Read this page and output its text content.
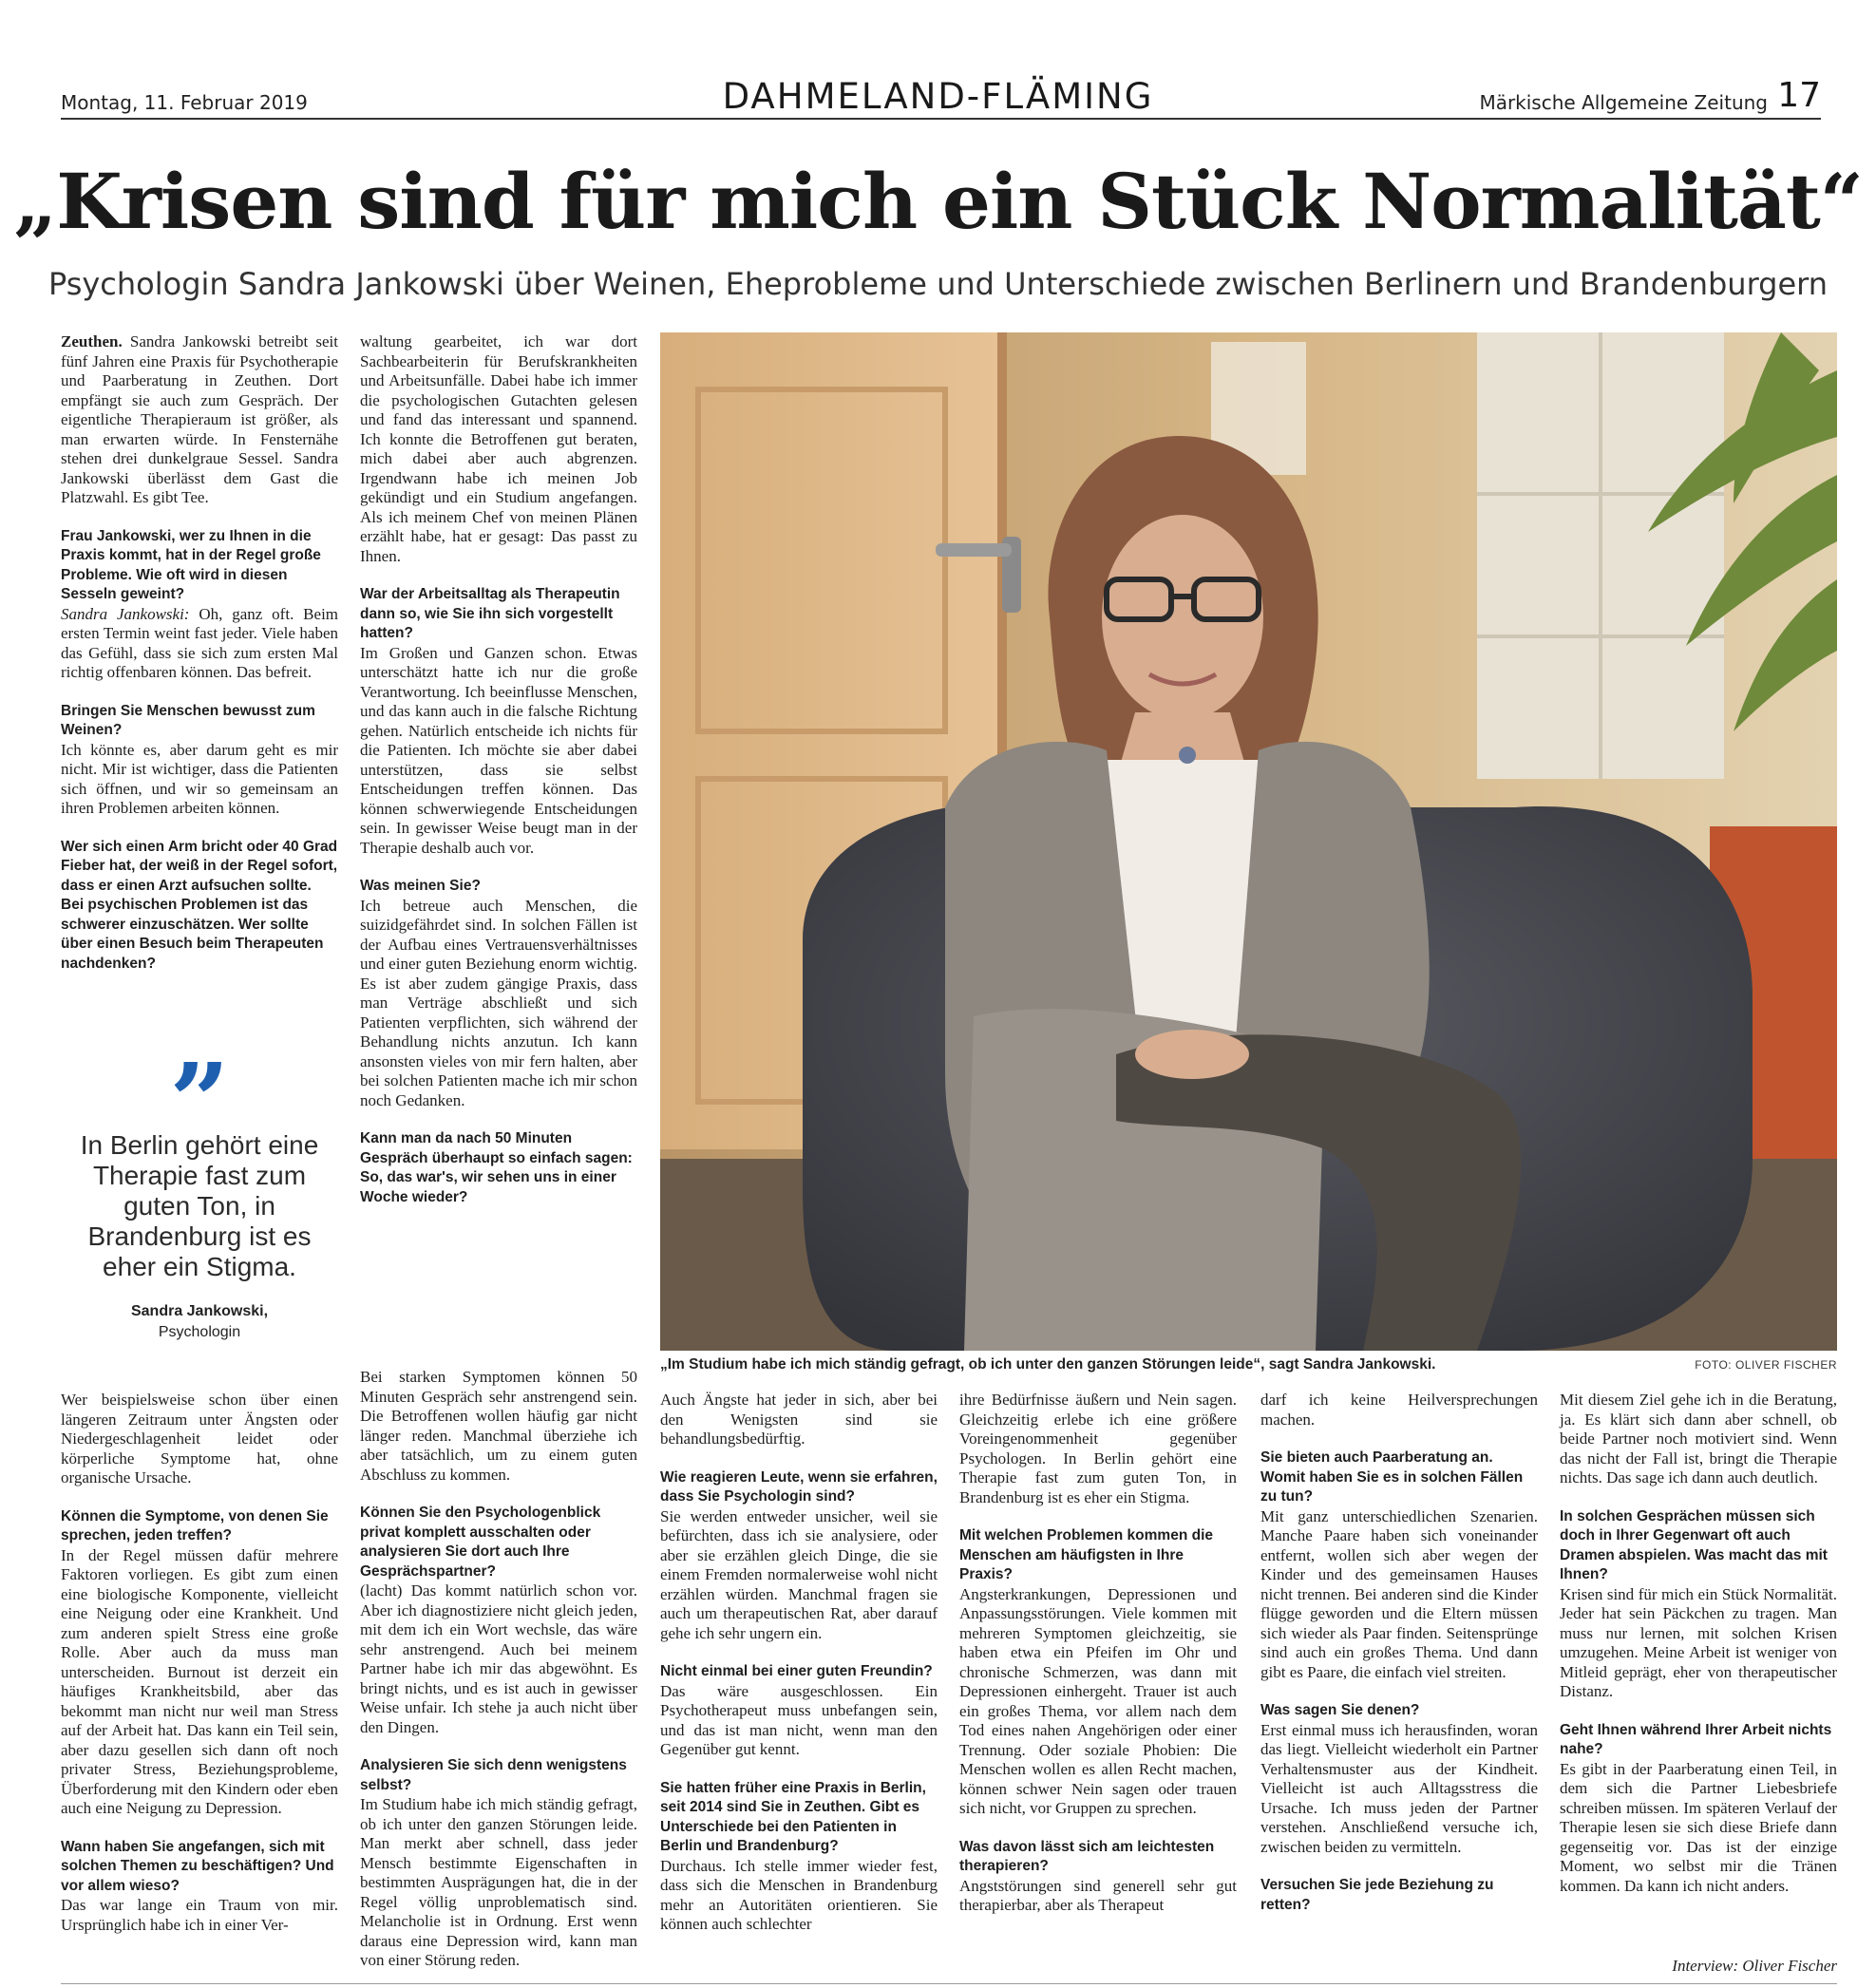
Montag, 11. Februar 2019	DAHMELAND-FLÄMING	Märkische Allgemeine Zeitung 17
„Krisen sind für mich ein Stück Normalität“
Psychologin Sandra Jankowski über Weinen, Eheprobleme und Unterschiede zwischen Berlinern und Brandenburgern

Zeuthen. Sandra Jankowski betreibt seit fünf Jahren eine Praxis für Psychotherapie und Paarberatung in Zeuthen. Dort empfängt sie auch zum Gespräch. Der eigentliche Therapieraum ist größer, als man erwarten würde. In Fensternähe stehen drei dunkelgraue Sessel. Sandra Jankowski überlässt dem Gast die Platzwahl. Es gibt Tee.

Frau Jankowski, wer zu Ihnen in die Praxis kommt, hat in der Regel große Probleme. Wie oft wird in diesen Sesseln geweint?

Sandra Jankowski: Oh, ganz oft. Beim ersten Termin weint fast jeder. Viele haben das Gefühl, dass sie sich zum ersten Mal richtig offenbaren können. Das befreit.

Bringen Sie Menschen bewusst zum Weinen?

Ich könnte es, aber darum geht es mir nicht. Mir ist wichtiger, dass die Patienten sich öffnen, und wir so gemeinsam an ihren Problemen arbeiten können.

Wer sich einen Arm bricht oder 40 Grad Fieber hat, der weiß in der Regel sofort, dass er einen Arzt aufsuchen sollte. Bei psychischen Problemen ist das schwerer einzuschätzen. Wer sollte über einen Besuch beim Therapeuten nachdenken?

”
In Berlin gehört eine Therapie fast zum guten Ton, in Brandenburg ist es eher ein Stigma.
Sandra Jankowski,
Psychologin

waltung gearbeitet, ich war dort Sachbearbeiterin für Berufskrankheiten und Arbeitsunfälle. Dabei habe ich immer die psychologischen Gutachten gelesen und fand das interessant und spannend. Ich konnte die Betroffenen gut beraten, mich dabei aber auch abgrenzen. Irgendwann habe ich meinen Job gekündigt und ein Studium angefangen. Als ich meinem Chef von meinen Plänen erzählt habe, hat er gesagt: Das passt zu Ihnen.

War der Arbeitsalltag als Therapeutin dann so, wie Sie ihn sich vorgestellt hatten?

Im Großen und Ganzen schon. Etwas unterschätzt hatte ich nur die große Verantwortung. Ich beeinflusse Menschen, und das kann auch in die falsche Richtung gehen. Natürlich entscheide ich nichts für die Patienten. Ich möchte sie aber dabei unterstützen, dass sie selbst Entscheidungen treffen können. Das können schwerwiegende Entscheidungen sein. In gewisser Weise beugt man in der Therapie deshalb auch vor.

Was meinen Sie?

Ich betreue auch Menschen, die suizidgefährdet sind. In solchen Fällen ist der Aufbau eines Vertrauensverhältnisses und einer guten Beziehung enorm wichtig. Es ist aber zudem gängige Praxis, dass man Verträge abschließt und sich Patienten verpflichten, sich während der Behandlung nichts anzutun. Ich kann ansonsten vieles von mir fern halten, aber bei solchen Patienten mache ich mir schon noch Gedanken.

Kann man da nach 50 Minuten Gespräch überhaupt so einfach sagen: So, das war's, wir sehen uns in einer Woche wieder?

„Im Studium habe ich mich ständig gefragt, ob ich unter den ganzen Störungen leide“, sagt Sandra Jankowski.	FOTO: OLIVER FISCHER

Wer beispielsweise schon über einen längeren Zeitraum unter Ängsten oder Niedergeschlagenheit leidet oder körperliche Symptome hat, ohne organische Ursache.

Können die Symptome, von denen Sie sprechen, jeden treffen?

In der Regel müssen dafür mehrere Faktoren vorliegen. Es gibt zum einen eine biologische Komponente, vielleicht eine Neigung oder eine Krankheit. Und zum anderen spielt Stress eine große Rolle. Aber auch da muss man unterscheiden. Burnout ist derzeit ein häufiges Krankheitsbild, aber das bekommt man nicht nur weil man Stress auf der Arbeit hat. Das kann ein Teil sein, aber dazu gesellen sich dann oft noch privater Stress, Beziehungsprobleme, Überforderung mit den Kindern oder eben auch eine Neigung zu Depression.

Wann haben Sie angefangen, sich mit solchen Themen zu beschäftigen? Und vor allem wieso?

Das war lange ein Traum von mir. Ursprünglich habe ich in einer Ver-

Bei starken Symptomen können 50 Minuten Gespräch sehr anstrengend sein. Die Betroffenen wollen häufig gar nicht länger reden. Manchmal überziehe ich aber tatsächlich, um zu einem guten Abschluss zu kommen.

Können Sie den Psychologenblick privat komplett ausschalten oder analysieren Sie dort auch Ihre Gesprächspartner?

(lacht) Das kommt natürlich schon vor. Aber ich diagnostiziere nicht gleich jeden, mit dem ich ein Wort wechsle, das wäre sehr anstrengend. Auch bei meinem Partner habe ich mir das abgewöhnt. Es bringt nichts, und es ist auch in gewisser Weise unfair. Ich stehe ja auch nicht über den Dingen.

Analysieren Sie sich denn wenigstens selbst?

Im Studium habe ich mich ständig gefragt, ob ich unter den ganzen Störungen leide. Man merkt aber schnell, dass jeder Mensch bestimmte Eigenschaften in bestimmten Ausprägungen hat, die in der Regel völlig unproblematisch sind. Melancholie ist in Ordnung. Erst wenn daraus eine Depression wird, kann man von einer Störung reden.

Auch Ängste hat jeder in sich, aber bei den Wenigsten sind sie behandlungsbedürftig.

Wie reagieren Leute, wenn sie erfahren, dass Sie Psychologin sind?

Sie werden entweder unsicher, weil sie befürchten, dass ich sie analysiere, oder aber sie erzählen gleich Dinge, die sie einem Fremden normalerweise wohl nicht erzählen würden. Manchmal fragen sie auch um therapeutischen Rat, aber darauf gehe ich sehr ungern ein.

Nicht einmal bei einer guten Freundin?

Das wäre ausgeschlossen. Ein Psychotherapeut muss unbefangen sein, und das ist man nicht, wenn man den Gegenüber gut kennt.

Sie hatten früher eine Praxis in Berlin, seit 2014 sind Sie in Zeuthen. Gibt es Unterschiede bei den Patienten in Berlin und Brandenburg?

Durchaus. Ich stelle immer wieder fest, dass sich die Menschen in Brandenburg mehr an Autoritäten orientieren. Sie können auch schlechter

ihre Bedürfnisse äußern und Nein sagen. Gleichzeitig erlebe ich eine größere Voreingenommenheit gegenüber Psychologen. In Berlin gehört eine Therapie fast zum guten Ton, in Brandenburg ist es eher ein Stigma.

Mit welchen Problemen kommen die Menschen am häufigsten in Ihre Praxis?

Angsterkrankungen, Depressionen und Anpassungsstörungen. Viele kommen mit mehreren Symptomen gleichzeitig, sie haben etwa ein Pfeifen im Ohr und chronische Schmerzen, was dann mit Depressionen einhergeht. Trauer ist auch ein großes Thema, vor allem nach dem Tod eines nahen Angehörigen oder einer Trennung. Oder soziale Phobien: Die Menschen wollen es allen Recht machen, können schwer Nein sagen oder trauen sich nicht, vor Gruppen zu sprechen.

Was davon lässt sich am leichtesten therapieren?

Angststörungen sind generell sehr gut therapierbar, aber als Therapeut

darf ich keine Heilversprechungen machen.

Sie bieten auch Paarberatung an. Womit haben Sie es in solchen Fällen zu tun?

Mit ganz unterschiedlichen Szenarien. Manche Paare haben sich voneinander entfernt, wollen sich aber wegen der Kinder und des gemeinsamen Hauses nicht trennen. Bei anderen sind die Kinder flügge geworden und die Eltern müssen sich wieder als Paar finden. Seitensprünge sind auch ein großes Thema. Und dann gibt es Paare, die einfach viel streiten.

Was sagen Sie denen?

Erst einmal muss ich herausfinden, woran das liegt. Vielleicht wiederholt ein Partner Verhaltensmuster aus der Kindheit. Vielleicht ist auch Alltagsstress die Ursache. Ich muss jeden der Partner verstehen. Anschließend versuche ich, zwischen beiden zu vermitteln.

Versuchen Sie jede Beziehung zu retten?

Mit diesem Ziel gehe ich in die Beratung, ja. Es klärt sich dann aber schnell, ob beide Partner noch motiviert sind. Wenn das nicht der Fall ist, bringt die Therapie nichts. Das sage ich dann auch deutlich.

In solchen Gesprächen müssen sich doch in Ihrer Gegenwart oft auch Dramen abspielen. Was macht das mit Ihnen?

Krisen sind für mich ein Stück Normalität. Jeder hat sein Päckchen zu tragen. Man muss nur lernen, mit solchen Krisen umzugehen. Meine Arbeit ist weniger von Mitleid geprägt, eher von therapeutischer Distanz.

Geht Ihnen während Ihrer Arbeit nichts nahe?

Es gibt in der Paarberatung einen Teil, in dem sich die Partner Liebesbriefe schreiben müssen. Im späteren Verlauf der Therapie lesen sie sich diese Briefe dann gegenseitig vor. Das ist der einzige Moment, wo selbst mir die Tränen kommen. Da kann ich nicht anders.

Interview: Oliver Fischer
